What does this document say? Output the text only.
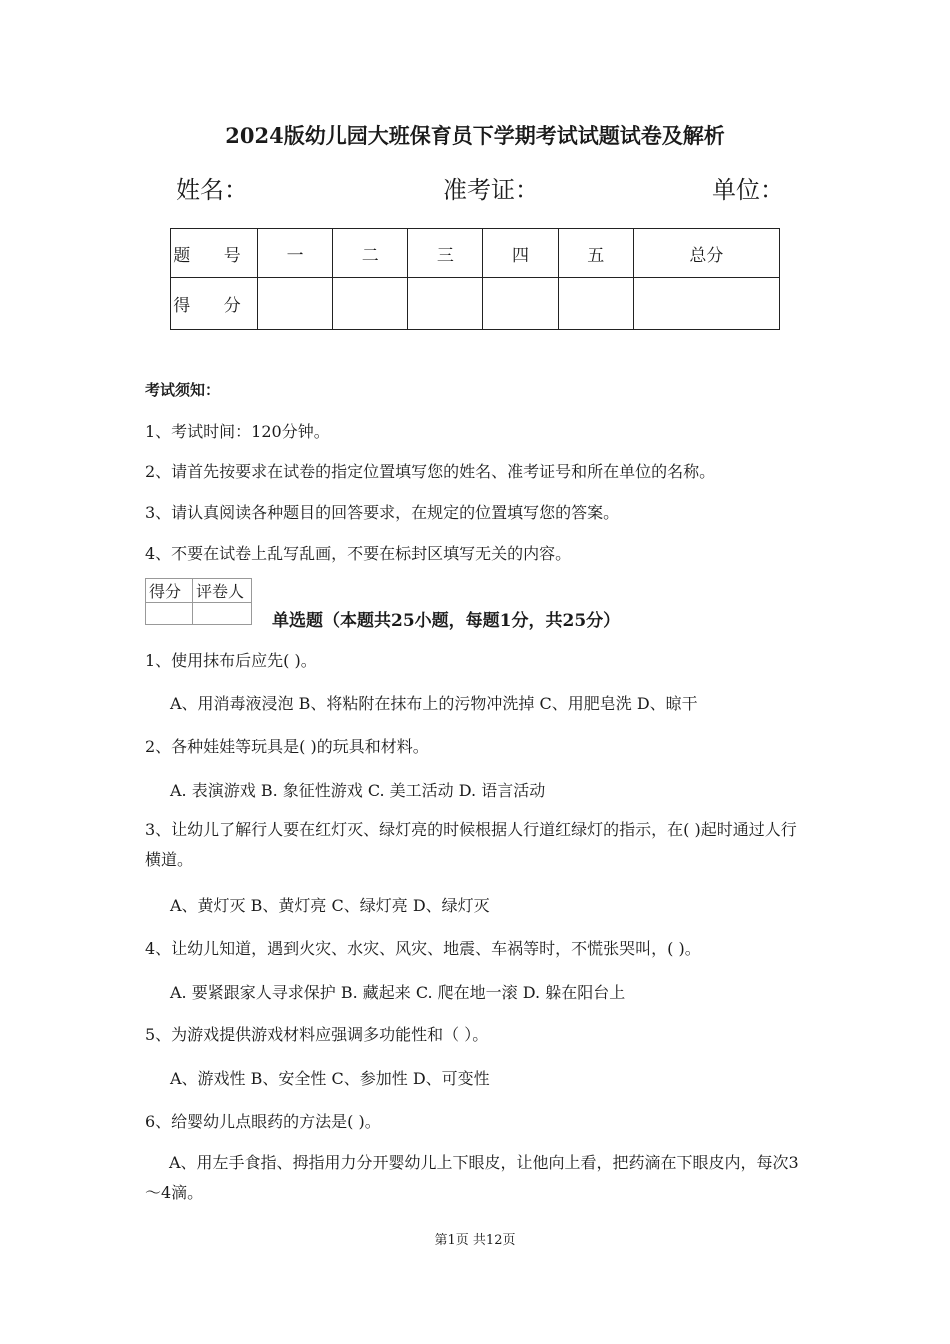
2024版幼儿园大班保育员下学期考试试题试卷及解析
姓名：	准考证：	单位：
题 号	一	二	三	四	五	总分
得 分						
考试须知：
1、考试时间：120分钟。
2、请首先按要求在试卷的指定位置填写您的姓名、准考证号和所在单位的名称。
3、请认真阅读各种题目的回答要求，在规定的位置填写您的答案。
4、不要在试卷上乱写乱画，不要在标封区填写无关的内容。
得分	评卷人

单选题（本题共25小题，每题1分，共25分）
1、使用抹布后应先( )。
A、用消毒液浸泡 B、将粘附在抹布上的污物冲洗掉 C、用肥皂洗 D、晾干
2、各种娃娃等玩具是( )的玩具和材料。
A. 表演游戏 B. 象征性游戏 C. 美工活动 D. 语言活动
3、让幼儿了解行人要在红灯灭、绿灯亮的时候根据人行道红绿灯的指示，在( )起时通过人行横道。
A、黄灯灭 B、黄灯亮 C、绿灯亮 D、绿灯灭
4、让幼儿知道，遇到火灾、水灾、风灾、地震、车祸等时，不慌张哭叫，( )。
A. 要紧跟家人寻求保护 B. 藏起来 C. 爬在地一滚 D. 躲在阳台上
5、为游戏提供游戏材料应强调多功能性和（ ）。
A、游戏性 B、安全性 C、参加性 D、可变性
6、给婴幼儿点眼药的方法是( )。
A、用左手食指、拇指用力分开婴幼儿上下眼皮，让他向上看，把药滴在下眼皮内，每次3～4滴。
第1页 共12页
